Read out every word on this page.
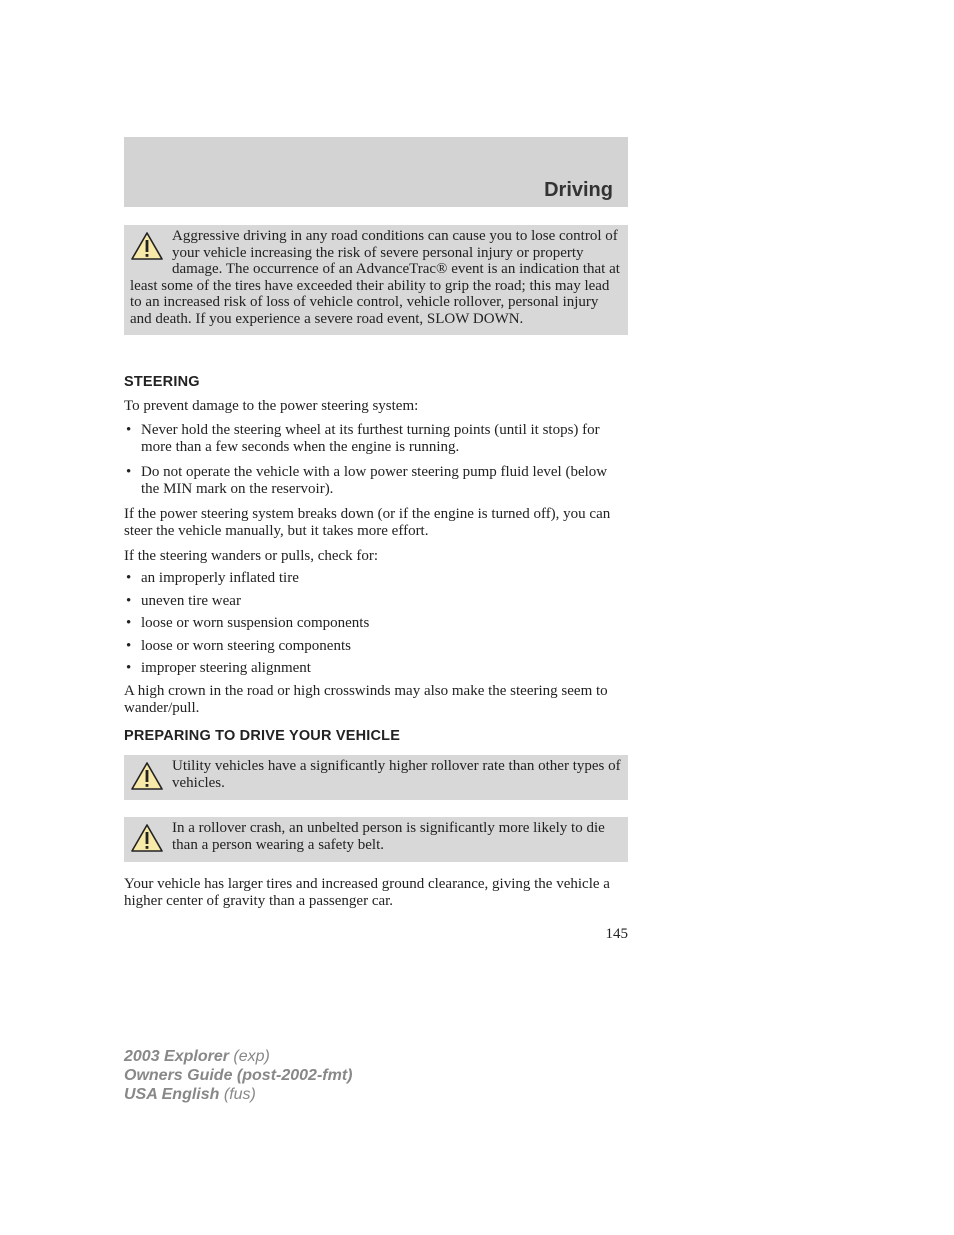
Driving

Aggressive driving in any road conditions can cause you to lose control of your vehicle increasing the risk of severe personal injury or property damage. The occurrence of an AdvanceTrac® event is an indication that at least some of the tires have exceeded their ability to grip the road; this may lead to an increased risk of loss of vehicle control, vehicle rollover, personal injury and death. If you experience a severe road event, SLOW DOWN.

STEERING
To prevent damage to the power steering system:
• Never hold the steering wheel at its furthest turning points (until it stops) for more than a few seconds when the engine is running.
• Do not operate the vehicle with a low power steering pump fluid level (below the MIN mark on the reservoir).
If the power steering system breaks down (or if the engine is turned off), you can steer the vehicle manually, but it takes more effort.
If the steering wanders or pulls, check for:
• an improperly inflated tire
• uneven tire wear
• loose or worn suspension components
• loose or worn steering components
• improper steering alignment
A high crown in the road or high crosswinds may also make the steering seem to wander/pull.
PREPARING TO DRIVE YOUR VEHICLE

Utility vehicles have a significantly higher rollover rate than other types of vehicles.

In a rollover crash, an unbelted person is significantly more likely to die than a person wearing a safety belt.

Your vehicle has larger tires and increased ground clearance, giving the vehicle a higher center of gravity than a passenger car.
145
2003 Explorer (exp)
Owners Guide (post-2002-fmt)
USA English (fus)
